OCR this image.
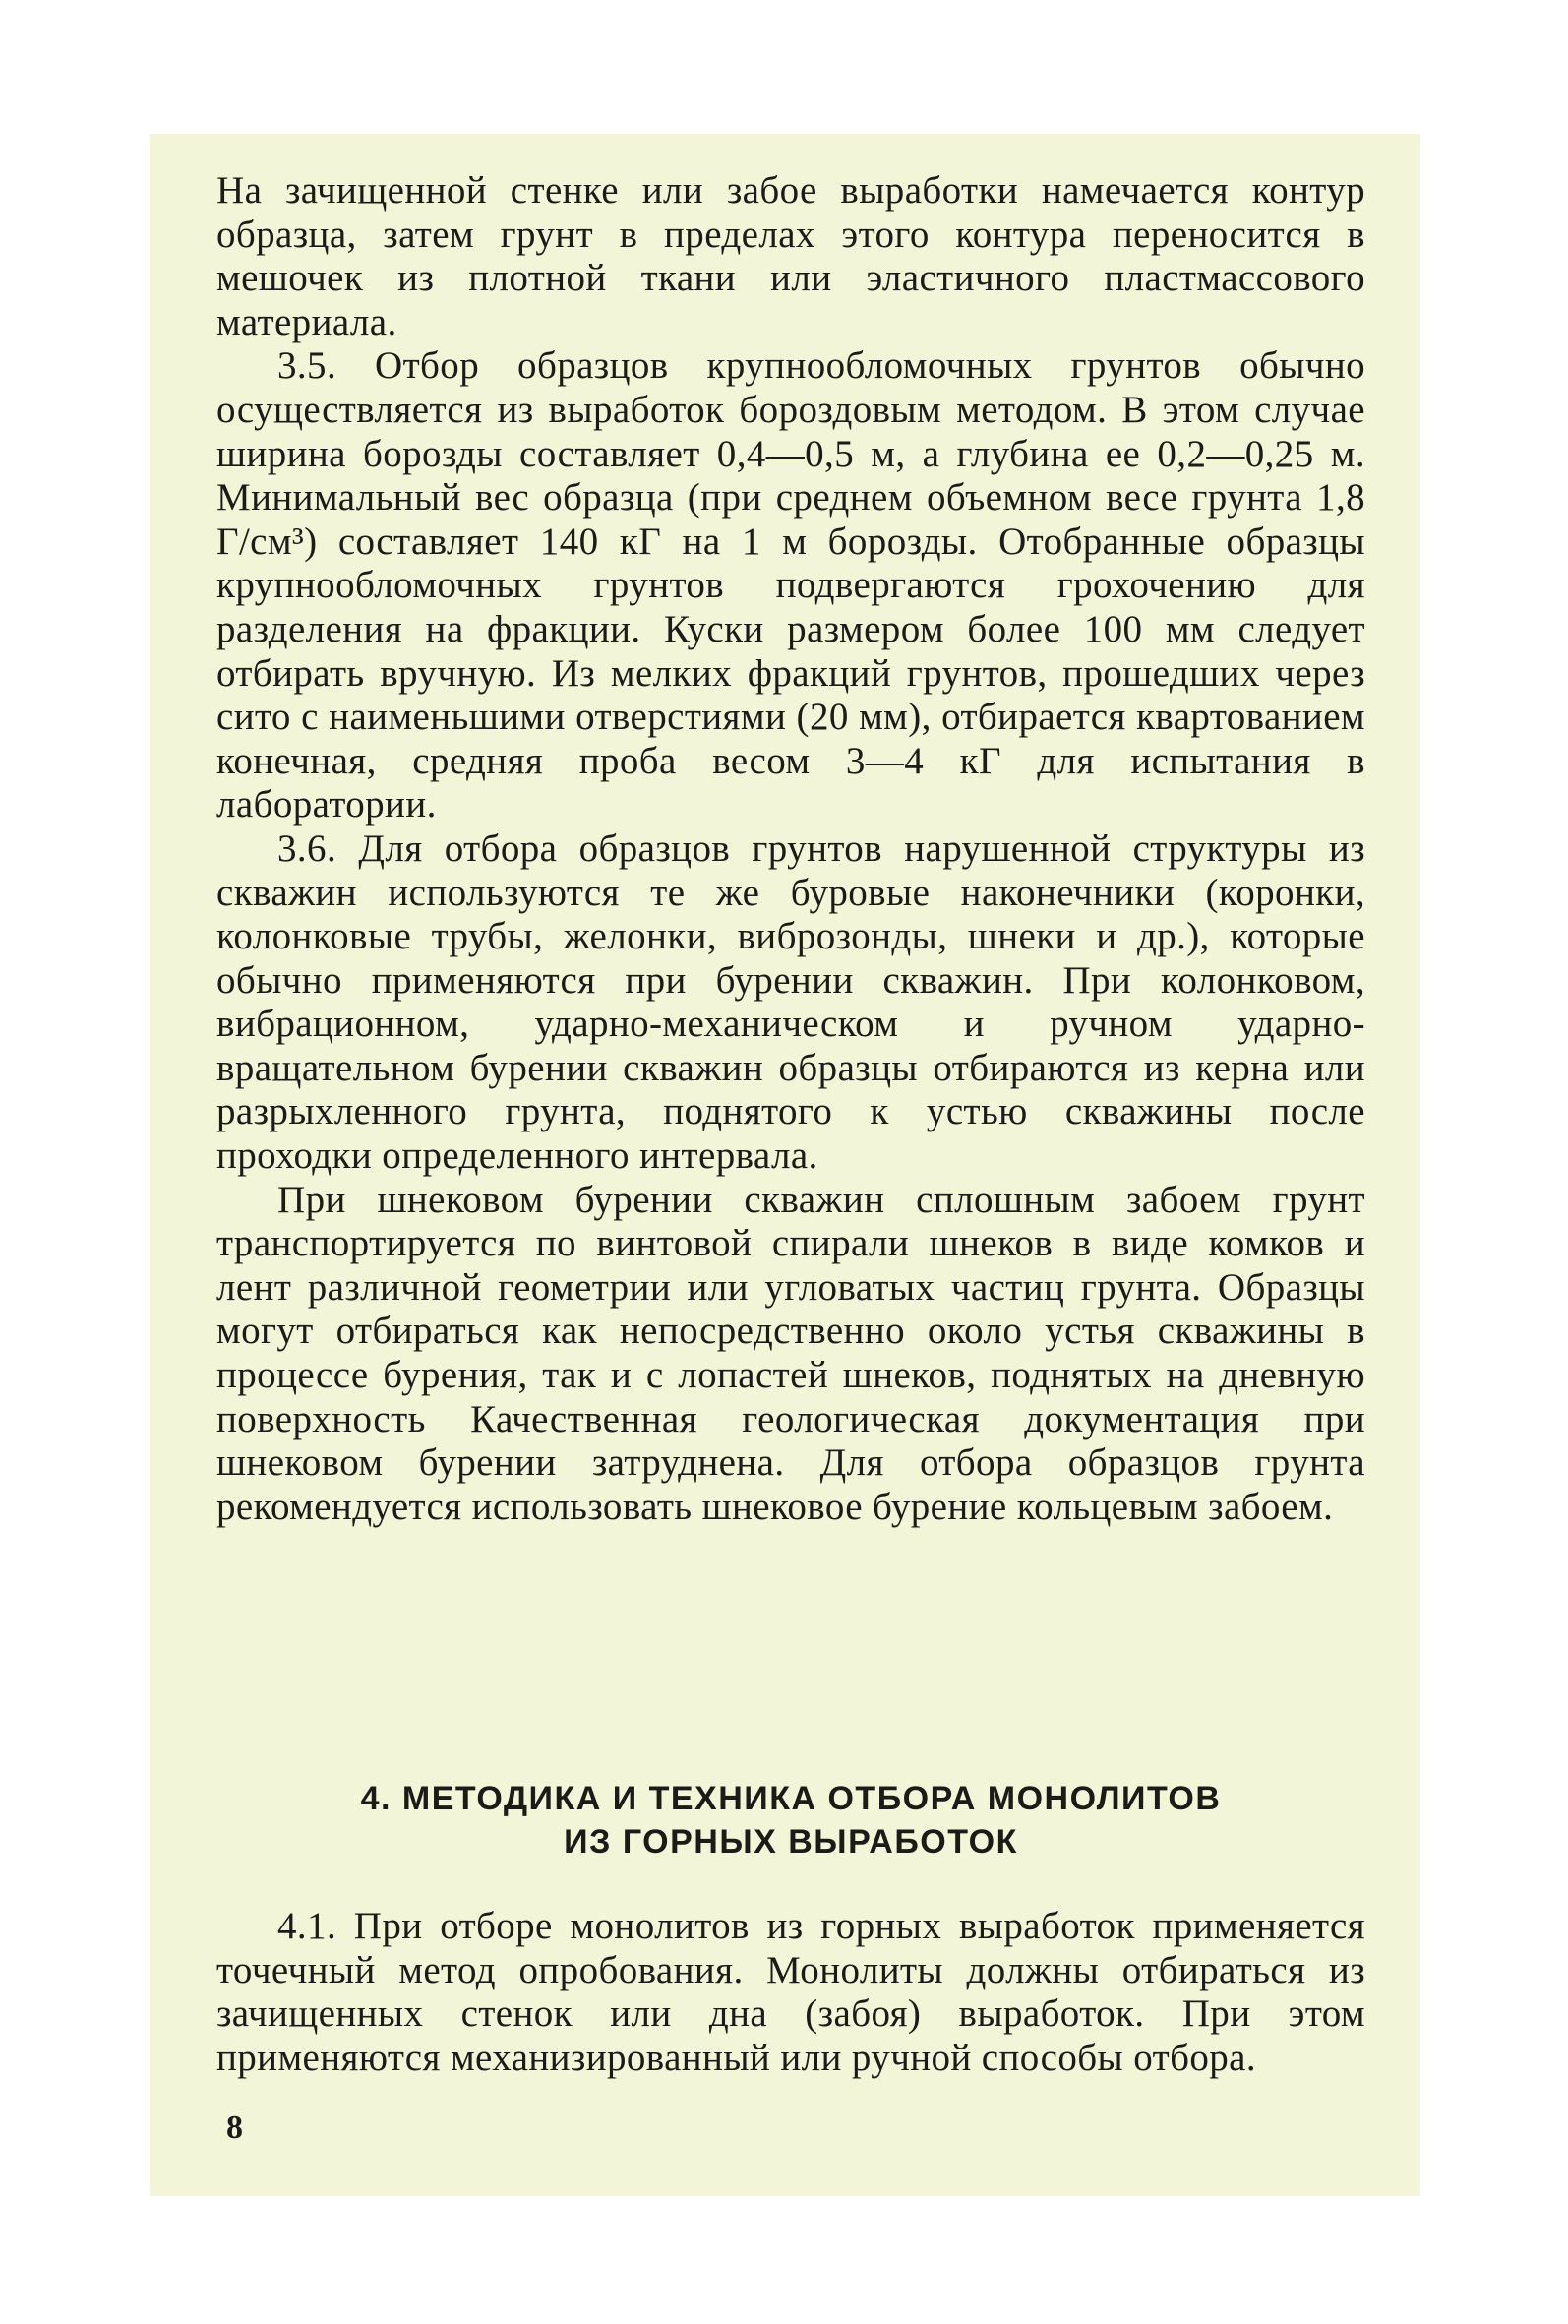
На зачищенной стенке или забое выработки намечается контур образца, затем грунт в пределах этого контура переносится в мешочек из плотной ткани или эластичного пластмассового материала.

3.5. Отбор образцов крупнообломочных грунтов обычно осуществляется из выработок бороздовым методом. В этом случае ширина борозды составляет 0,4—0,5 м, а глубина ее 0,2—0,25 м. Минимальный вес образца (при среднем объемном весе грунта 1,8 Г/см³) составляет 140 кГ на 1 м борозды. Отобранные образцы крупнообломочных грунтов подвергаются грохочению для разделения на фракции. Куски размером более 100 мм следует отбирать вручную. Из мелких фракций грунтов, прошедших через сито с наименьшими отверстиями (20 мм), отбирается квартованием конечная, средняя проба весом 3—4 кГ для испытания в лаборатории.

3.6. Для отбора образцов грунтов нарушенной структуры из скважин используются те же буровые наконечники (коронки, колонковые трубы, желонки, виброзонды, шнеки и др.), которые обычно применяются при бурении скважин. При колонковом, вибрационном, ударно-механическом и ручном ударно-вращательном бурении скважин образцы отбираются из керна или разрыхленного грунта, поднятого к устью скважины после проходки определенного интервала.

При шнековом бурении скважин сплошным забоем грунт транспортируется по винтовой спирали шнеков в виде комков и лент различной геометрии или угловатых частиц грунта. Образцы могут отбираться как непосредственно около устья скважины в процессе бурения, так и с лопастей шнеков, поднятых на дневную поверхность Качественная геологическая документация при шнековом бурении затруднена. Для отбора образцов грунта рекомендуется использовать шнековое бурение кольцевым забоем.

4. МЕТОДИКА И ТЕХНИКА ОТБОРА МОНОЛИТОВ
ИЗ ГОРНЫХ ВЫРАБОТОК

4.1. При отборе монолитов из горных выработок применяется точечный метод опробования. Монолиты должны отбираться из зачищенных стенок или дна (забоя) выработок. При этом применяются механизированный или ручной способы отбора.

8
